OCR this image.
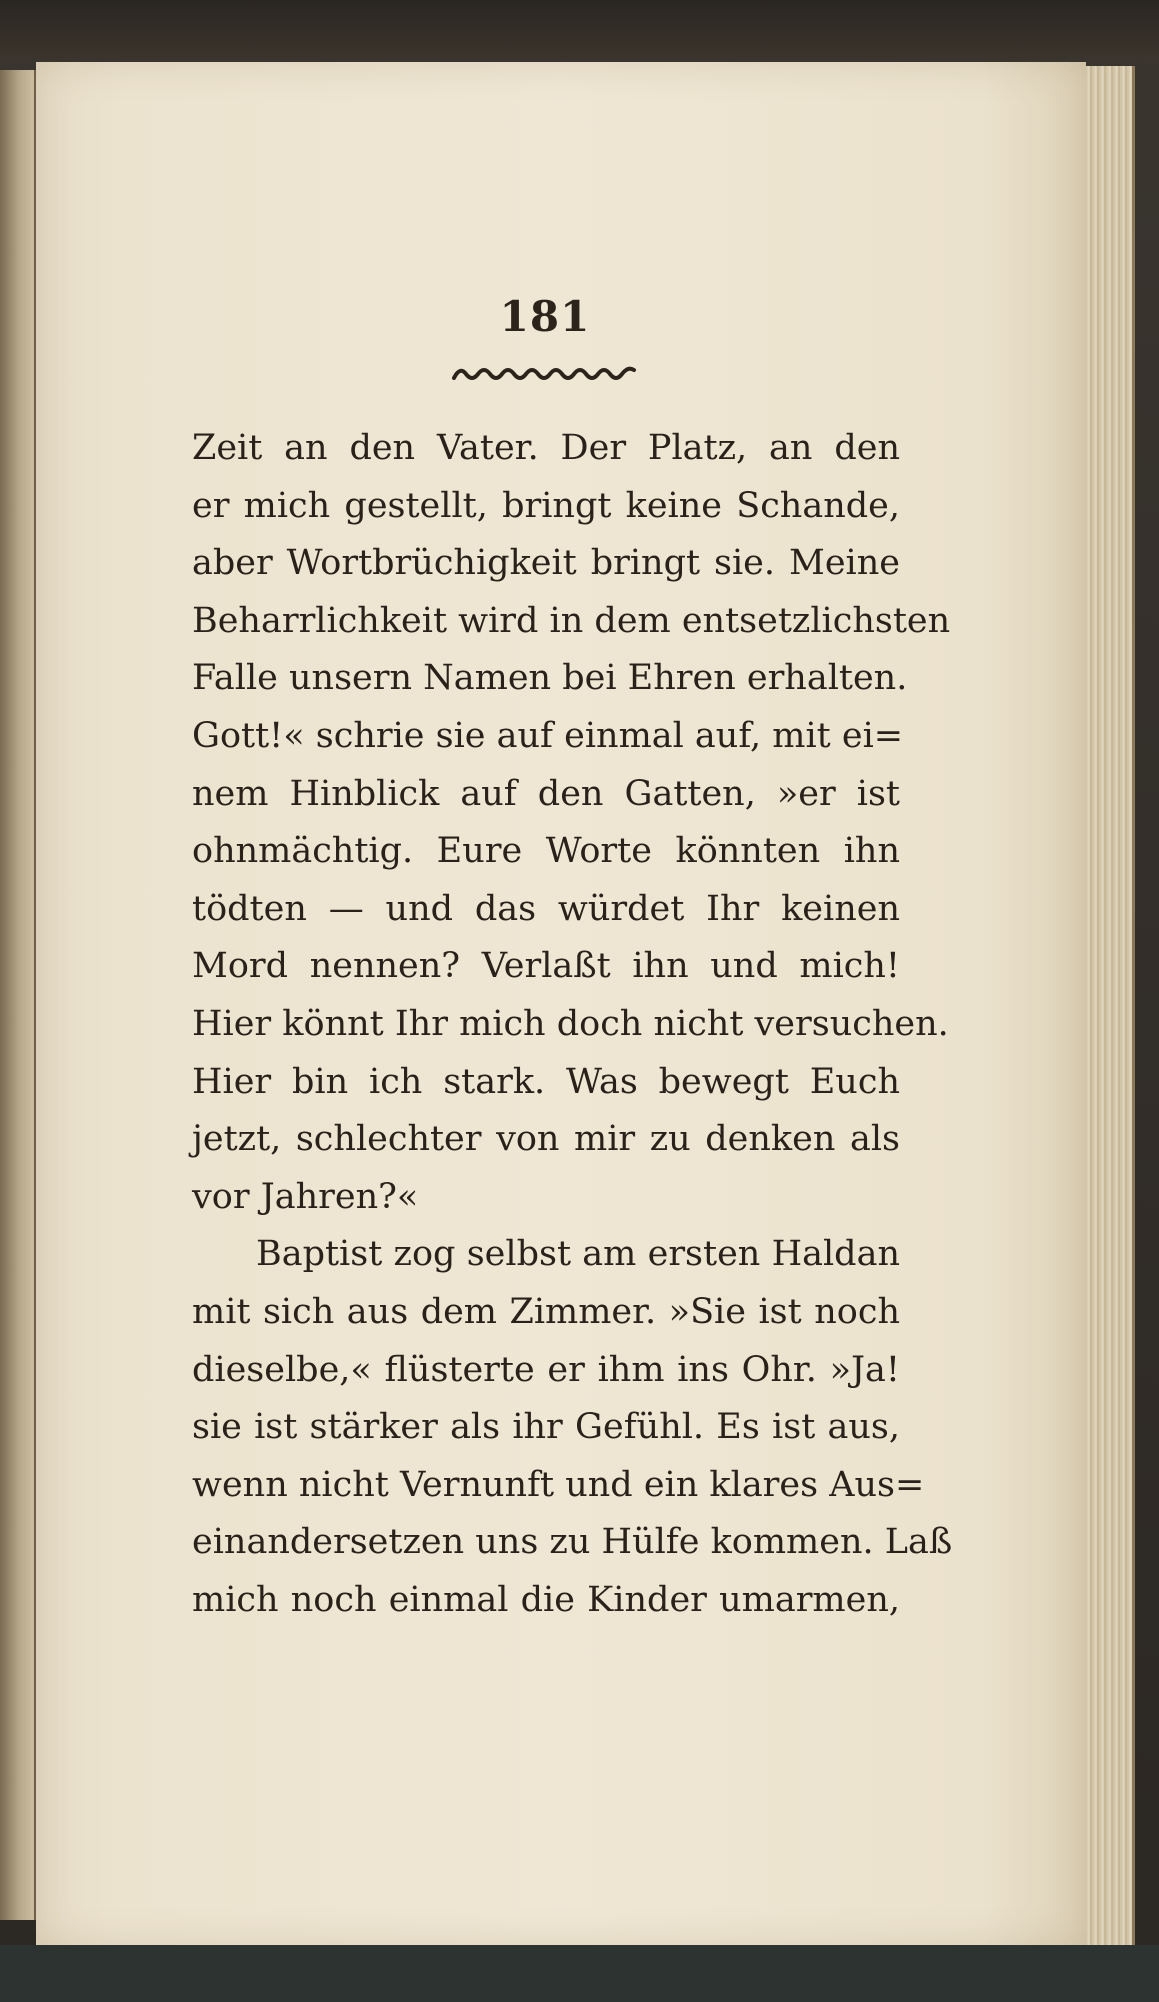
181
Zeit an den Vater. Der Platz, an den
er mich gestellt, bringt keine Schande,
aber Wortbrüchigkeit bringt sie. Meine
Beharrlichkeit wird in dem entsetzlichsten
Falle unsern Namen bei Ehren erhalten.
Gott!« schrie sie auf einmal auf, mit ei=
nem Hinblick auf den Gatten, »er ist
ohnmächtig. Eure Worte könnten ihn
tödten — und das würdet Ihr keinen
Mord nennen? Verlaßt ihn und mich!
Hier könnt Ihr mich doch nicht versuchen.
Hier bin ich stark. Was bewegt Euch
jetzt, schlechter von mir zu denken als
vor Jahren?«
Baptist zog selbst am ersten Haldan
mit sich aus dem Zimmer. »Sie ist noch
dieselbe,« flüsterte er ihm ins Ohr. »Ja!
sie ist stärker als ihr Gefühl. Es ist aus,
wenn nicht Vernunft und ein klares Aus=
einandersetzen uns zu Hülfe kommen. Laß
mich noch einmal die Kinder umarmen,
